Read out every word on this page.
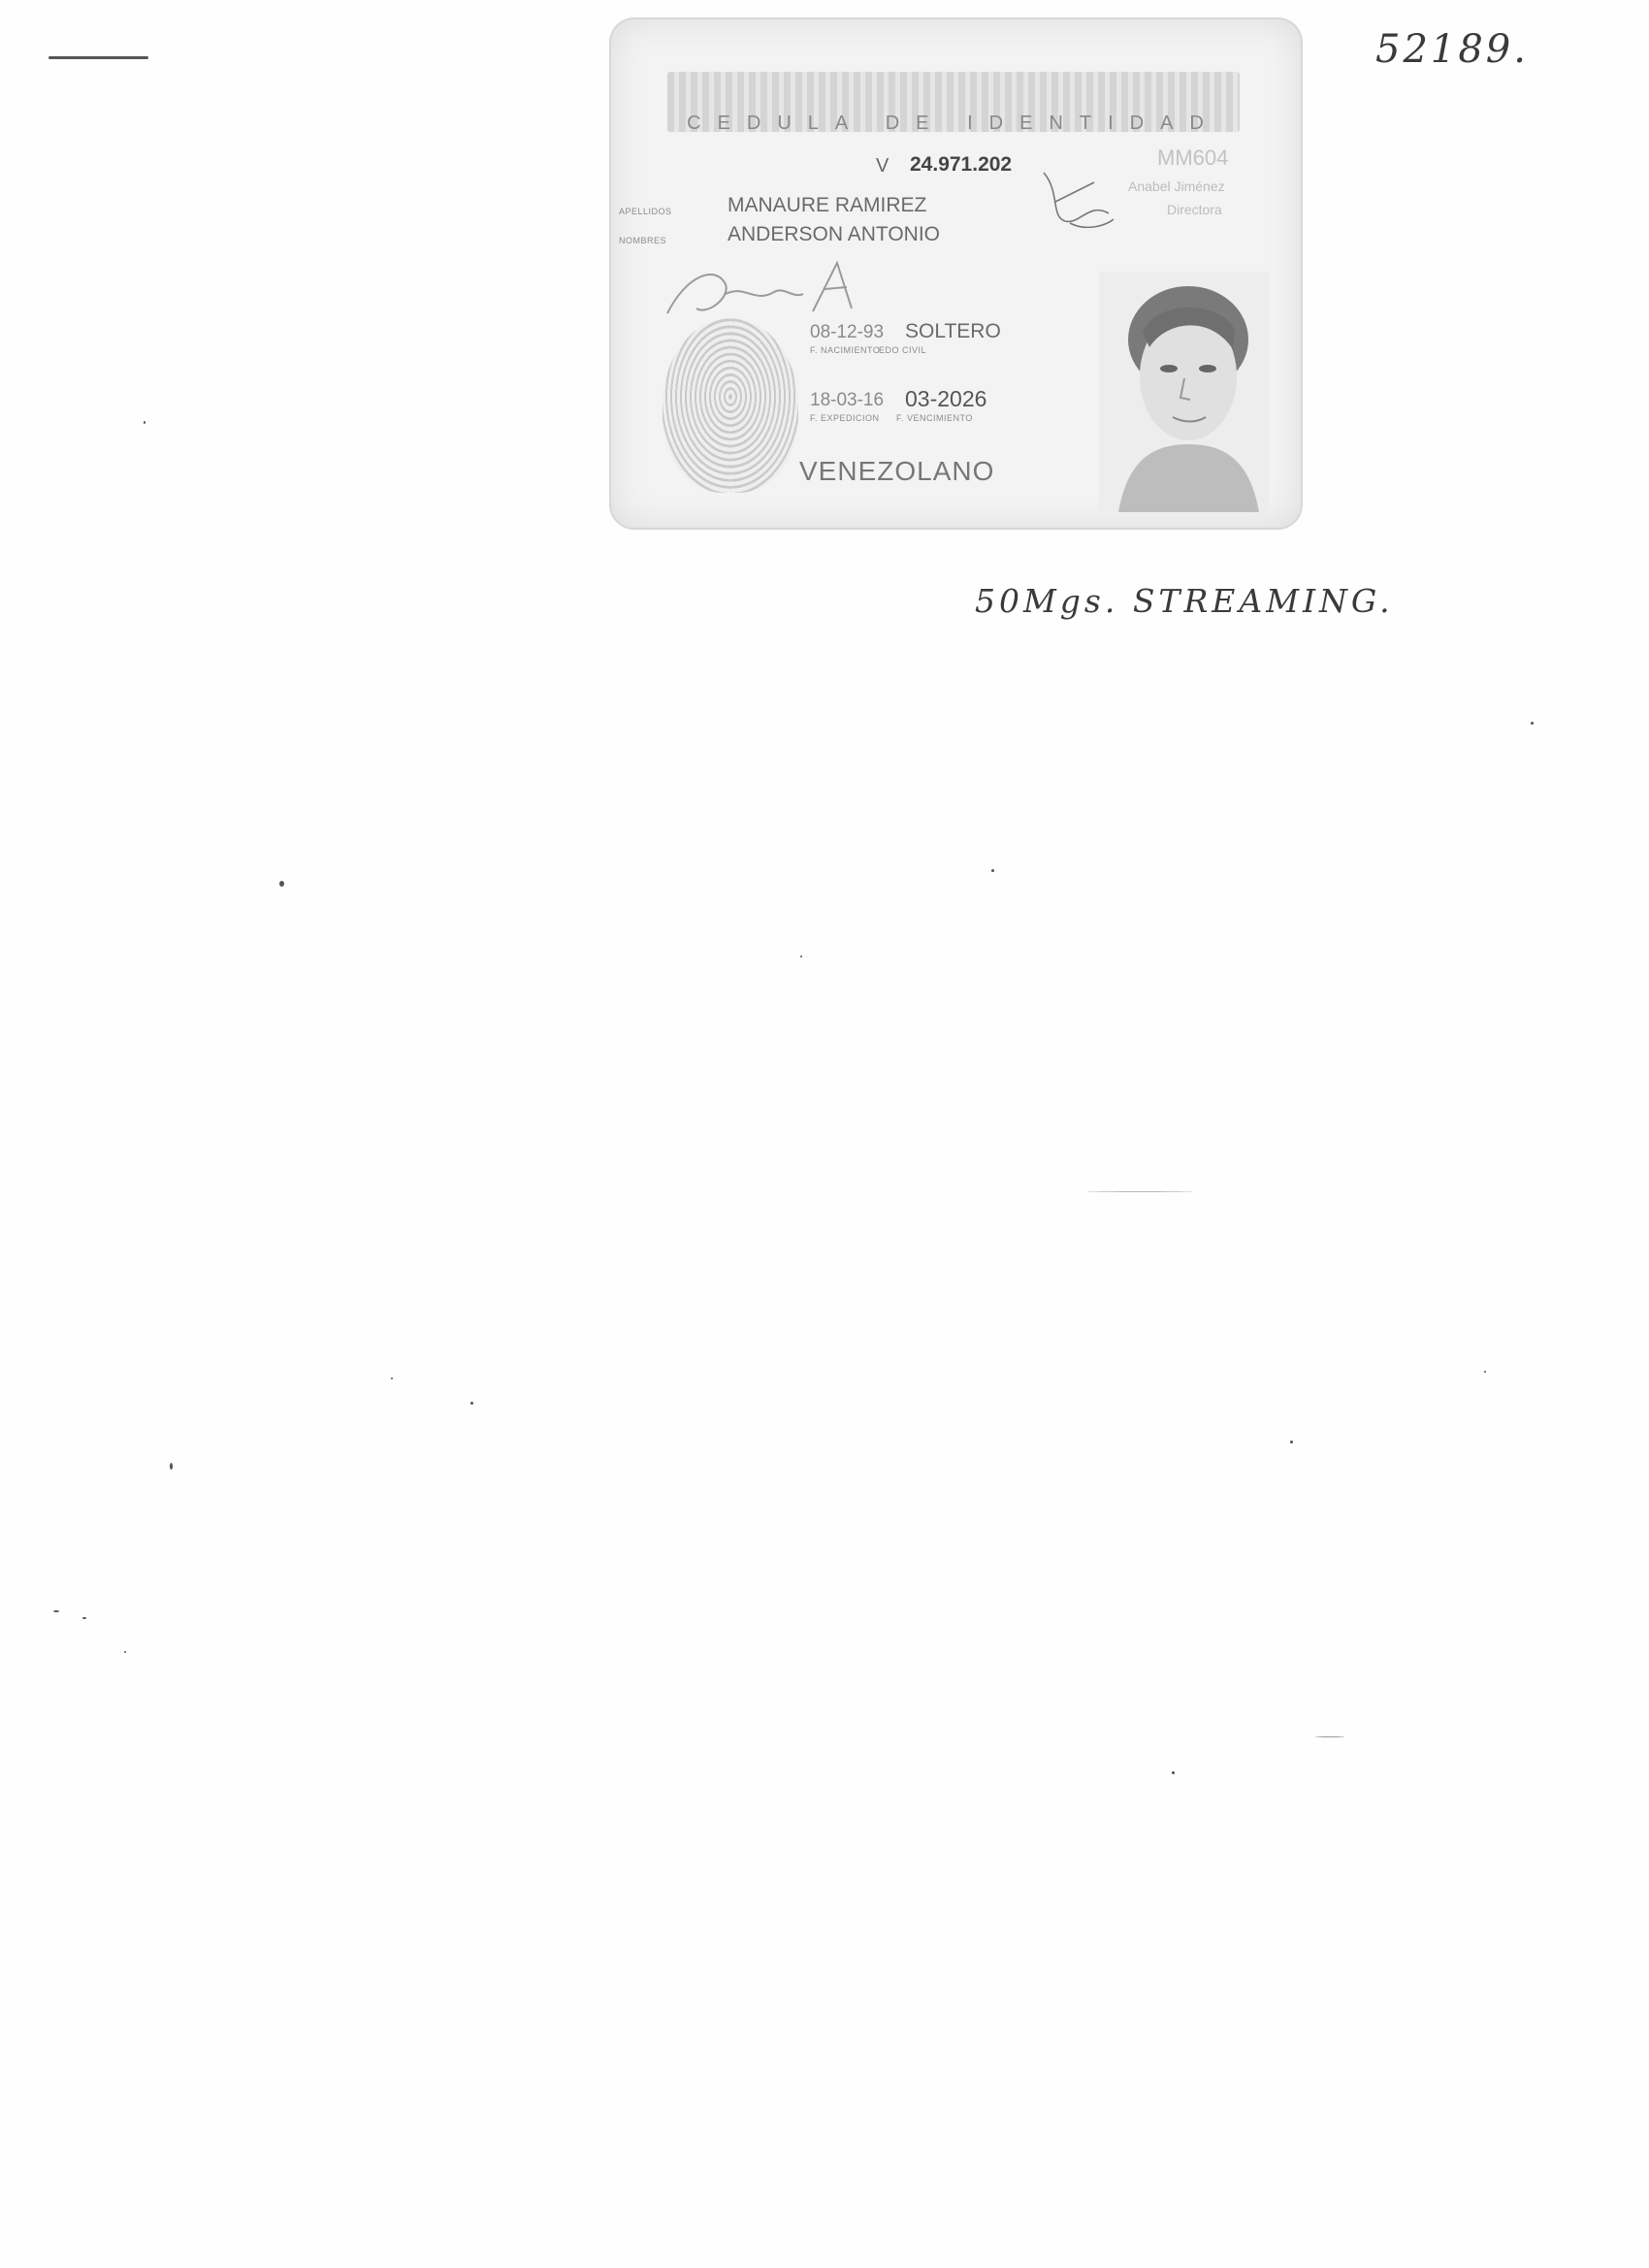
52189.
CEDULA DE IDENTIDAD
V 24.971.202	MM604
Anabel Jiménez
Directora
APELLIDOS	MANAURE RAMIREZ
NOMBRES	ANDERSON ANTONIO
08-12-93 SOLTERO
F. NACIMIENTO
EDO CIVIL
18-03-16 03-2026
F. EXPEDICION F. VENCIMIENTO
VENEZOLANO
50Mgs. STREAMING.
